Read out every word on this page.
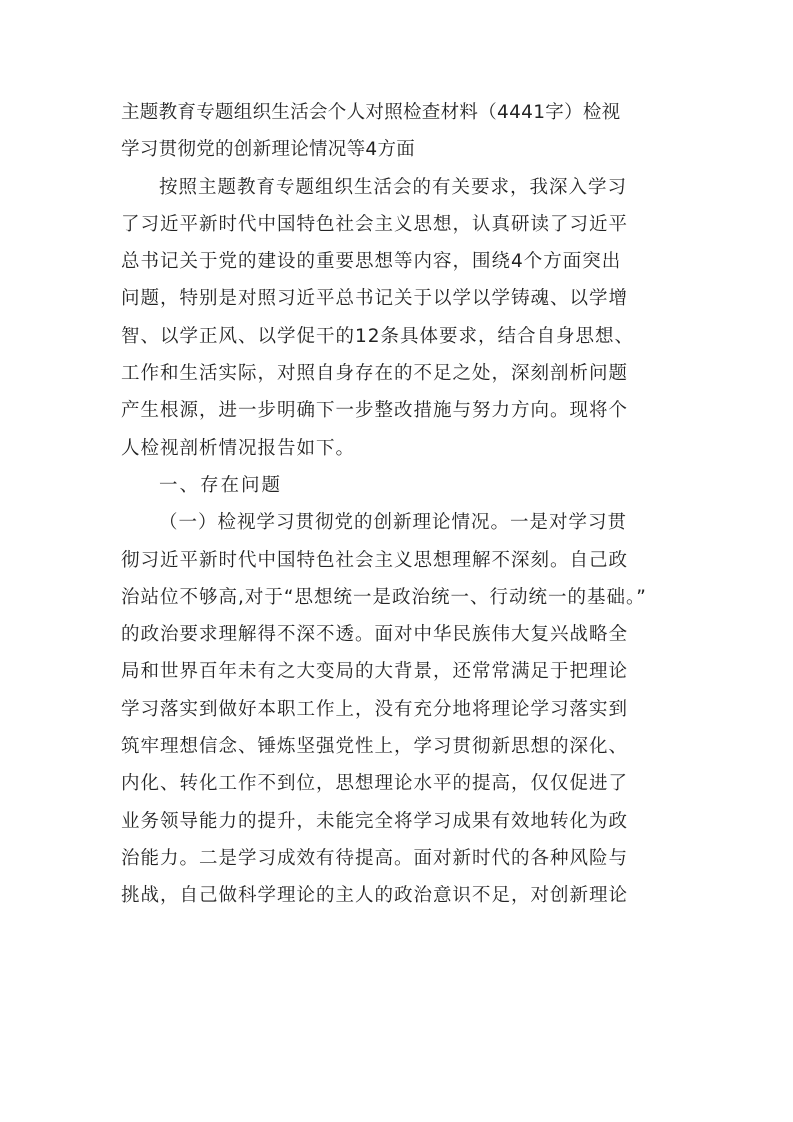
主题教育专题组织生活会个人对照检查材料（4441字）检视
学习贯彻党的创新理论情况等4方面

按照主题教育专题组织生活会的有关要求，我深入学习
了习近平新时代中国特色社会主义思想，认真研读了习近平
总书记关于党的建设的重要思想等内容，围绕4个方面突出
问题，特别是对照习近平总书记关于以学以学铸魂、以学增
智、以学正风、以学促干的12条具体要求，结合自身思想、
工作和生活实际，对照自身存在的不足之处，深刻剖析问题
产生根源，进一步明确下一步整改措施与努力方向。现将个
人检视剖析情况报告如下。

一、存在问题

（一）检视学习贯彻党的创新理论情况。一是对学习贯
彻习近平新时代中国特色社会主义思想理解不深刻。自己政
治站位不够高,对于“思想统一是政治统一、行动统一的基础。”
的政治要求理解得不深不透。面对中华民族伟大复兴战略全
局和世界百年未有之大变局的大背景，还常常满足于把理论
学习落实到做好本职工作上，没有充分地将理论学习落实到
筑牢理想信念、锤炼坚强党性上，学习贯彻新思想的深化、
内化、转化工作不到位，思想理论水平的提高，仅仅促进了
业务领导能力的提升，未能完全将学习成果有效地转化为政
治能力。二是学习成效有待提高。面对新时代的各种风险与
挑战，自己做科学理论的主人的政治意识不足，对创新理论
